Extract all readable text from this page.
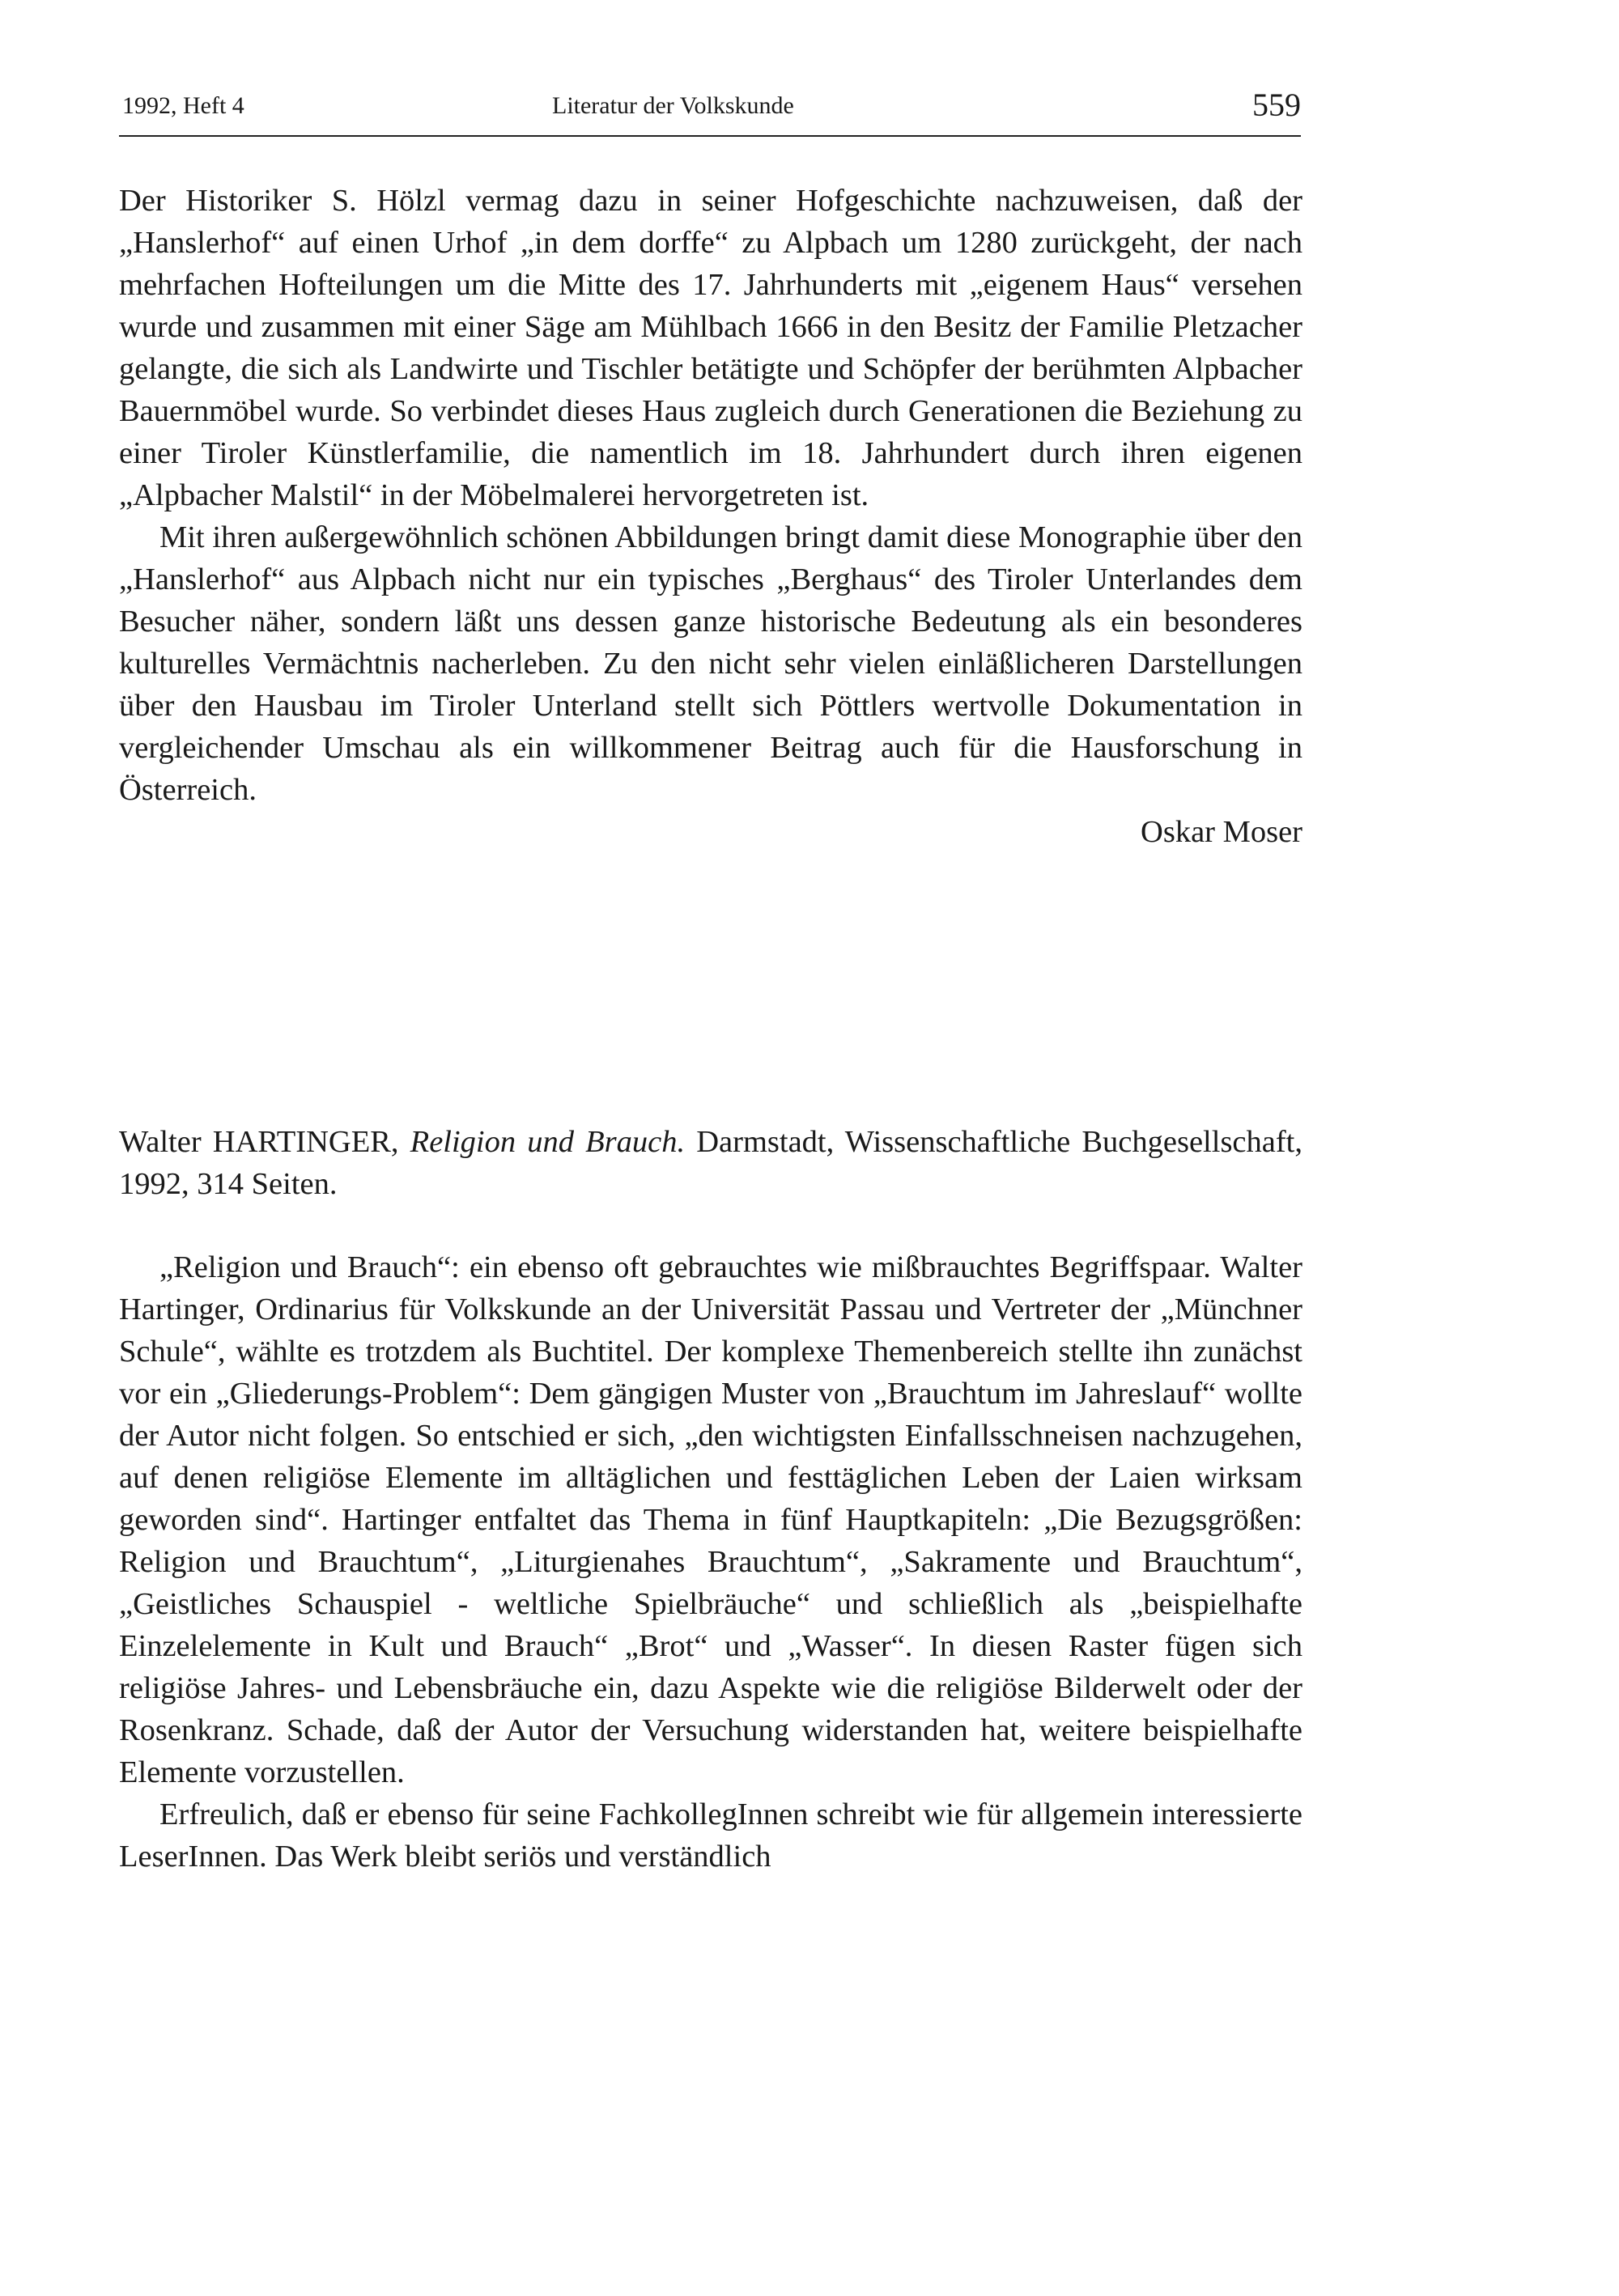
1992, Heft 4	Literatur der Volkskunde	559

Der Historiker S. Hölzl vermag dazu in seiner Hofgeschichte nachzuweisen, daß der „Hanslerhof“ auf einen Urhof „in dem dorffe“ zu Alpbach um 1280 zurückgeht, der nach mehrfachen Hofteilungen um die Mitte des 17. Jahrhunderts mit „eigenem Haus“ versehen wurde und zusammen mit einer Säge am Mühlbach 1666 in den Besitz der Familie Pletzacher gelangte, die sich als Landwirte und Tischler betätigte und Schöpfer der berühmten Alpbacher Bauernmöbel wurde. So verbindet dieses Haus zugleich durch Generationen die Beziehung zu einer Tiroler Künstlerfamilie, die namentlich im 18. Jahrhundert durch ihren eigenen „Alpbacher Malstil“ in der Möbelmalerei hervorgetreten ist.

Mit ihren außergewöhnlich schönen Abbildungen bringt damit diese Monographie über den „Hanslerhof“ aus Alpbach nicht nur ein typisches „Berghaus“ des Tiroler Unterlandes dem Besucher näher, sondern läßt uns dessen ganze historische Bedeutung als ein besonderes kulturelles Vermächtnis nacherleben. Zu den nicht sehr vielen einläßlicheren Darstellungen über den Hausbau im Tiroler Unterland stellt sich Pöttlers wertvolle Dokumentation in vergleichender Umschau als ein willkommener Beitrag auch für die Hausforschung in Österreich.

Oskar Moser

Walter HARTINGER, Religion und Brauch. Darmstadt, Wissenschaftliche Buchgesellschaft, 1992, 314 Seiten.

„Religion und Brauch“: ein ebenso oft gebrauchtes wie mißbrauchtes Begriffspaar. Walter Hartinger, Ordinarius für Volkskunde an der Universität Passau und Vertreter der „Münchner Schule“, wählte es trotzdem als Buchtitel. Der komplexe Themenbereich stellte ihn zunächst vor ein „Gliederungs-Problem“: Dem gängigen Muster von „Brauchtum im Jahreslauf“ wollte der Autor nicht folgen. So entschied er sich, „den wichtigsten Einfallsschneisen nachzugehen, auf denen religiöse Elemente im alltäglichen und festtäglichen Leben der Laien wirksam geworden sind“. Hartinger entfaltet das Thema in fünf Hauptkapiteln: „Die Bezugsgrößen: Religion und Brauchtum“, „Liturgienahes Brauchtum“, „Sakramente und Brauchtum“, „Geistliches Schauspiel - weltliche Spielbräuche“ und schließlich als „beispielhafte Einzelelemente in Kult und Brauch“ „Brot“ und „Wasser“. In diesen Raster fügen sich religiöse Jahres- und Lebensbräuche ein, dazu Aspekte wie die religiöse Bilderwelt oder der Rosenkranz. Schade, daß der Autor der Versuchung widerstanden hat, weitere beispielhafte Elemente vorzustellen.

Erfreulich, daß er ebenso für seine FachkollegInnen schreibt wie für allgemein interessierte LeserInnen. Das Werk bleibt seriös und verständlich
